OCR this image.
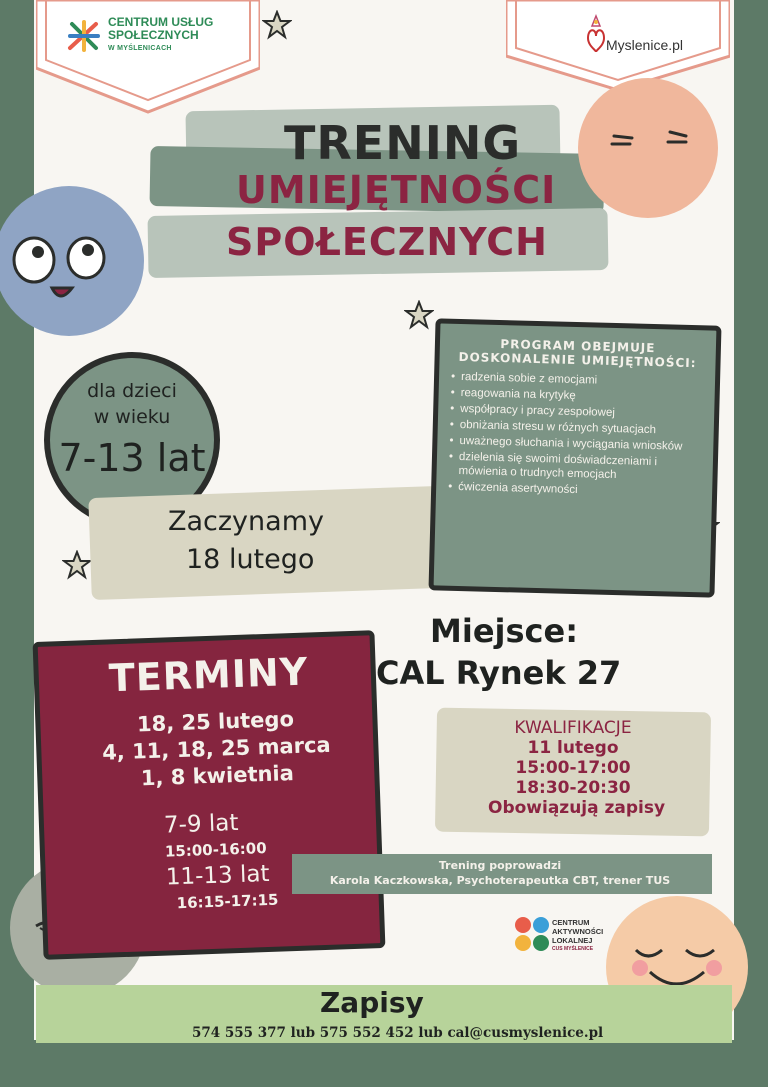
CENTRUM USŁUG
SPOŁECZNYCH
W MYŚLENICACH	Myslenice.pl
TRENING
UMIEJĘTNOŚCI
SPOŁECZNYCH
dla dzieci
w wieku
7-13 lat
Zaczynamy
18 lutego
PROGRAM OBEJMUJE
DOSKONALENIE UMIEJĘTNOŚCI:
• radzenia sobie z emocjami
• reagowania na krytykę
• współpracy i pracy zespołowej
• obniżania stresu w różnych sytuacjach
• uważnego słuchania i wyciągania wniosków
• dzielenia się swoimi doświadczeniami i mówienia o trudnych emocjach
• ćwiczenia asertywności
Miejsce:
CAL Rynek 27
TERMINY
18, 25 lutego
4, 11, 18, 25 marca
1, 8 kwietnia
7-9 lat
15:00-16:00
11-13 lat
16:15-17:15
KWALIFIKACJE
11 lutego
15:00-17:00
18:30-20:30
Obowiązują zapisy
Trening poprowadzi
Karola Kaczkowska, Psychoterapeutka CBT, trener TUS
CENTRUM
AKTYWNOŚCI
LOKALNEJ
CUS MYŚLENICE
Zapisy
574 555 377 lub 575 552 452 lub cal@cusmyslenice.pl
